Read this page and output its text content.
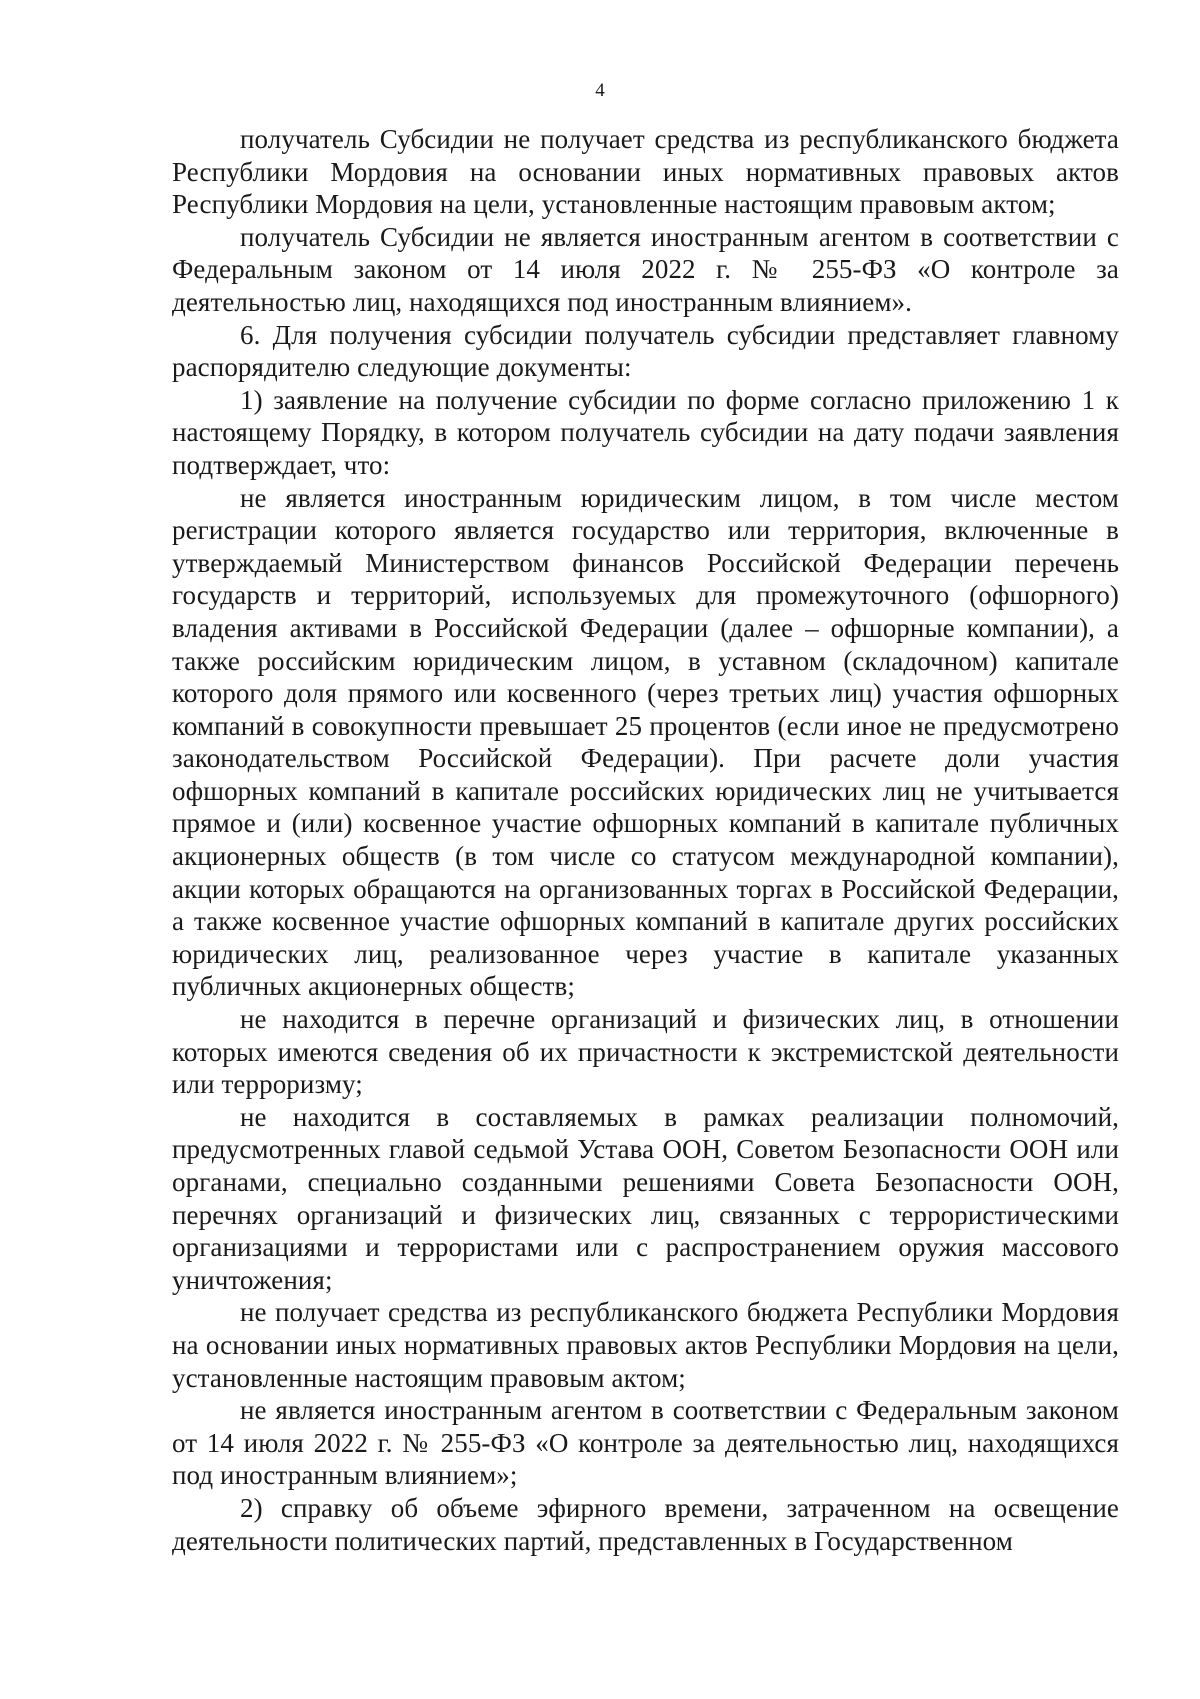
4

получатель Субсидии не получает средства из республиканского бюджета Республики Мордовия на основании иных нормативных правовых актов Республики Мордовия на цели, установленные настоящим правовым актом;

получатель Субсидии не является иностранным агентом в соответствии с Федеральным законом от 14 июля 2022 г. № 255-ФЗ «О контроле за деятельностью лиц, находящихся под иностранным влиянием».

6. Для получения субсидии получатель субсидии представляет главному распорядителю следующие документы:

1) заявление на получение субсидии по форме согласно приложению 1 к настоящему Порядку, в котором получатель субсидии на дату подачи заявления подтверждает, что:

не является иностранным юридическим лицом, в том числе местом регистрации которого является государство или территория, включенные в утверждаемый Министерством финансов Российской Федерации перечень государств и территорий, используемых для промежуточного (офшорного) владения активами в Российской Федерации (далее – офшорные компании), а также российским юридическим лицом, в уставном (складочном) капитале которого доля прямого или косвенного (через третьих лиц) участия офшорных компаний в совокупности превышает 25 процентов (если иное не предусмотрено законодательством Российской Федерации). При расчете доли участия офшорных компаний в капитале российских юридических лиц не учитывается прямое и (или) косвенное участие офшорных компаний в капитале публичных акционерных обществ (в том числе со статусом международной компании), акции которых обращаются на организованных торгах в Российской Федерации, а также косвенное участие офшорных компаний в капитале других российских юридических лиц, реализованное через участие в капитале указанных публичных акционерных обществ;

не находится в перечне организаций и физических лиц, в отношении которых имеются сведения об их причастности к экстремистской деятельности или терроризму;

не находится в составляемых в рамках реализации полномочий, предусмотренных главой седьмой Устава ООН, Советом Безопасности ООН или органами, специально созданными решениями Совета Безопасности ООН, перечнях организаций и физических лиц, связанных с террористическими организациями и террористами или с распространением оружия массового уничтожения;

не получает средства из республиканского бюджета Республики Мордовия на основании иных нормативных правовых актов Республики Мордовия на цели, установленные настоящим правовым актом;

не является иностранным агентом в соответствии с Федеральным законом от 14 июля 2022 г. № 255-ФЗ «О контроле за деятельностью лиц, находящихся под иностранным влиянием»;

2) справку об объеме эфирного времени, затраченном на освещение деятельности политических партий, представленных в Государственном
